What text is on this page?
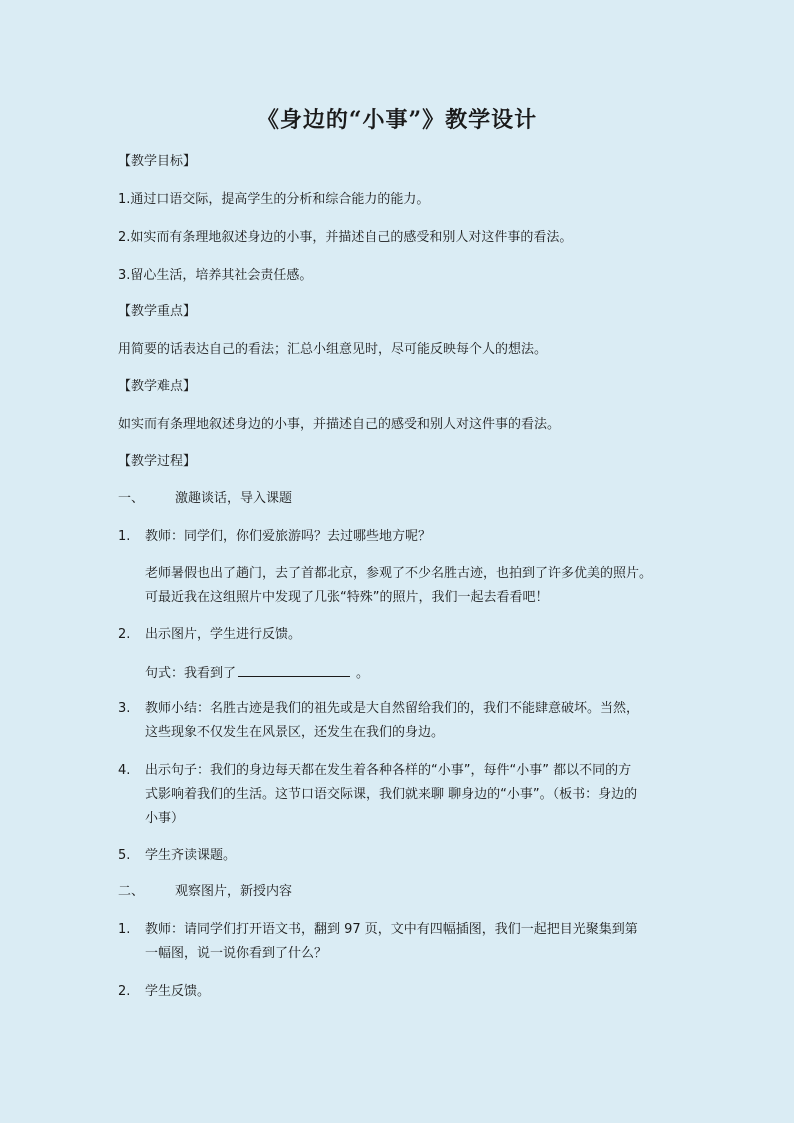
《身边的“小事”》教学设计
【教学目标】
1.通过口语交际，提高学生的分析和综合能力的能力。
2.如实而有条理地叙述身边的小事，并描述自己的感受和别人对这件事的看法。
3.留心生活，培养其社会责任感。
【教学重点】
用简要的话表达自己的看法；汇总小组意见时，尽可能反映每个人的想法。
【教学难点】
如实而有条理地叙述身边的小事，并描述自己的感受和别人对这件事的看法。
【教学过程】
一、 激趣谈话，导入课题
1. 教师：同学们，你们爱旅游吗？去过哪些地方呢？
老师暑假也出了趟门，去了首都北京，参观了不少名胜古迹，也拍到了许多优美的照片。
可最近我在这组照片中发现了几张“特殊”的照片，我们一起去看看吧！
2. 出示图片，学生进行反馈。
句式：我看到了	。
3. 教师小结：名胜古迹是我们的祖先或是大自然留给我们的，我们不能肆意破坏。当然，
这些现象不仅发生在风景区，还发生在我们的身边。
4. 出示句子：我们的身边每天都在发生着各种各样的“小事”，每件“小事” 都以不同的方
式影响着我们的生活。这节口语交际课，我们就来聊 聊身边的“小事”。（板书：身边的
小事）
5. 学生齐读课题。
二、 观察图片，新授内容
1. 教师：请同学们打开语文书，翻到 97 页，文中有四幅插图，我们一起把目光聚集到第
一幅图，说一说你看到了什么？
2. 学生反馈。
